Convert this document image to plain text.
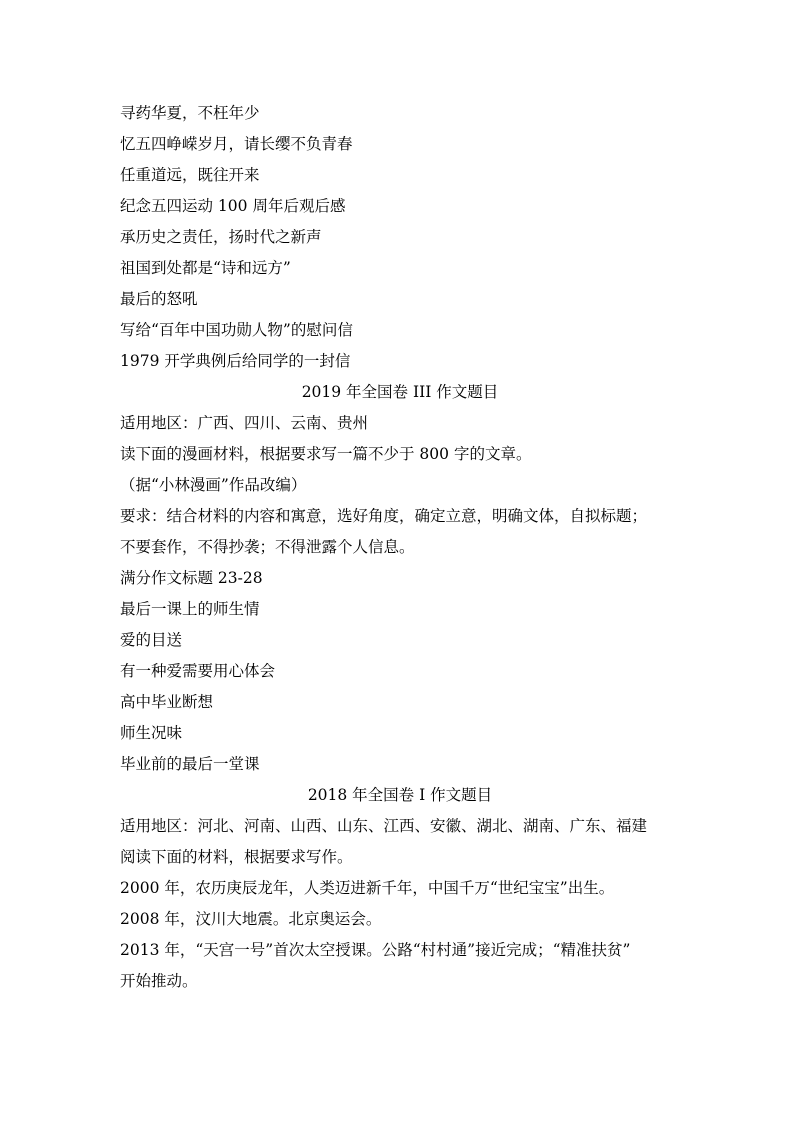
寻药华夏，不枉年少
忆五四峥嵘岁月，请长缨不负青春
任重道远，既往开来
纪念五四运动 100 周年后观后感
承历史之责任，扬时代之新声
祖国到处都是“诗和远方”
最后的怒吼
写给“百年中国功勋人物”的慰问信
1979 开学典例后给同学的一封信
2019 年全国卷 III 作文题目
适用地区：广西、四川、云南、贵州
读下面的漫画材料，根据要求写一篇不少于 800 字的文章。
（据“小林漫画”作品改编）
要求：结合材料的内容和寓意，选好角度，确定立意，明确文体，自拟标题；
不要套作，不得抄袭；不得泄露个人信息。
满分作文标题 23-28
最后一课上的师生情
爱的目送
有一种爱需要用心体会
高中毕业断想
师生况味
毕业前的最后一堂课
2018 年全国卷 I 作文题目
适用地区：河北、河南、山西、山东、江西、安徽、湖北、湖南、广东、福建
阅读下面的材料，根据要求写作。
2000 年，农历庚辰龙年，人类迈进新千年，中国千万“世纪宝宝”出生。
2008 年，汶川大地震。北京奥运会。
2013 年，“天宫一号”首次太空授课。公路“村村通”接近完成；“精准扶贫”
开始推动。
